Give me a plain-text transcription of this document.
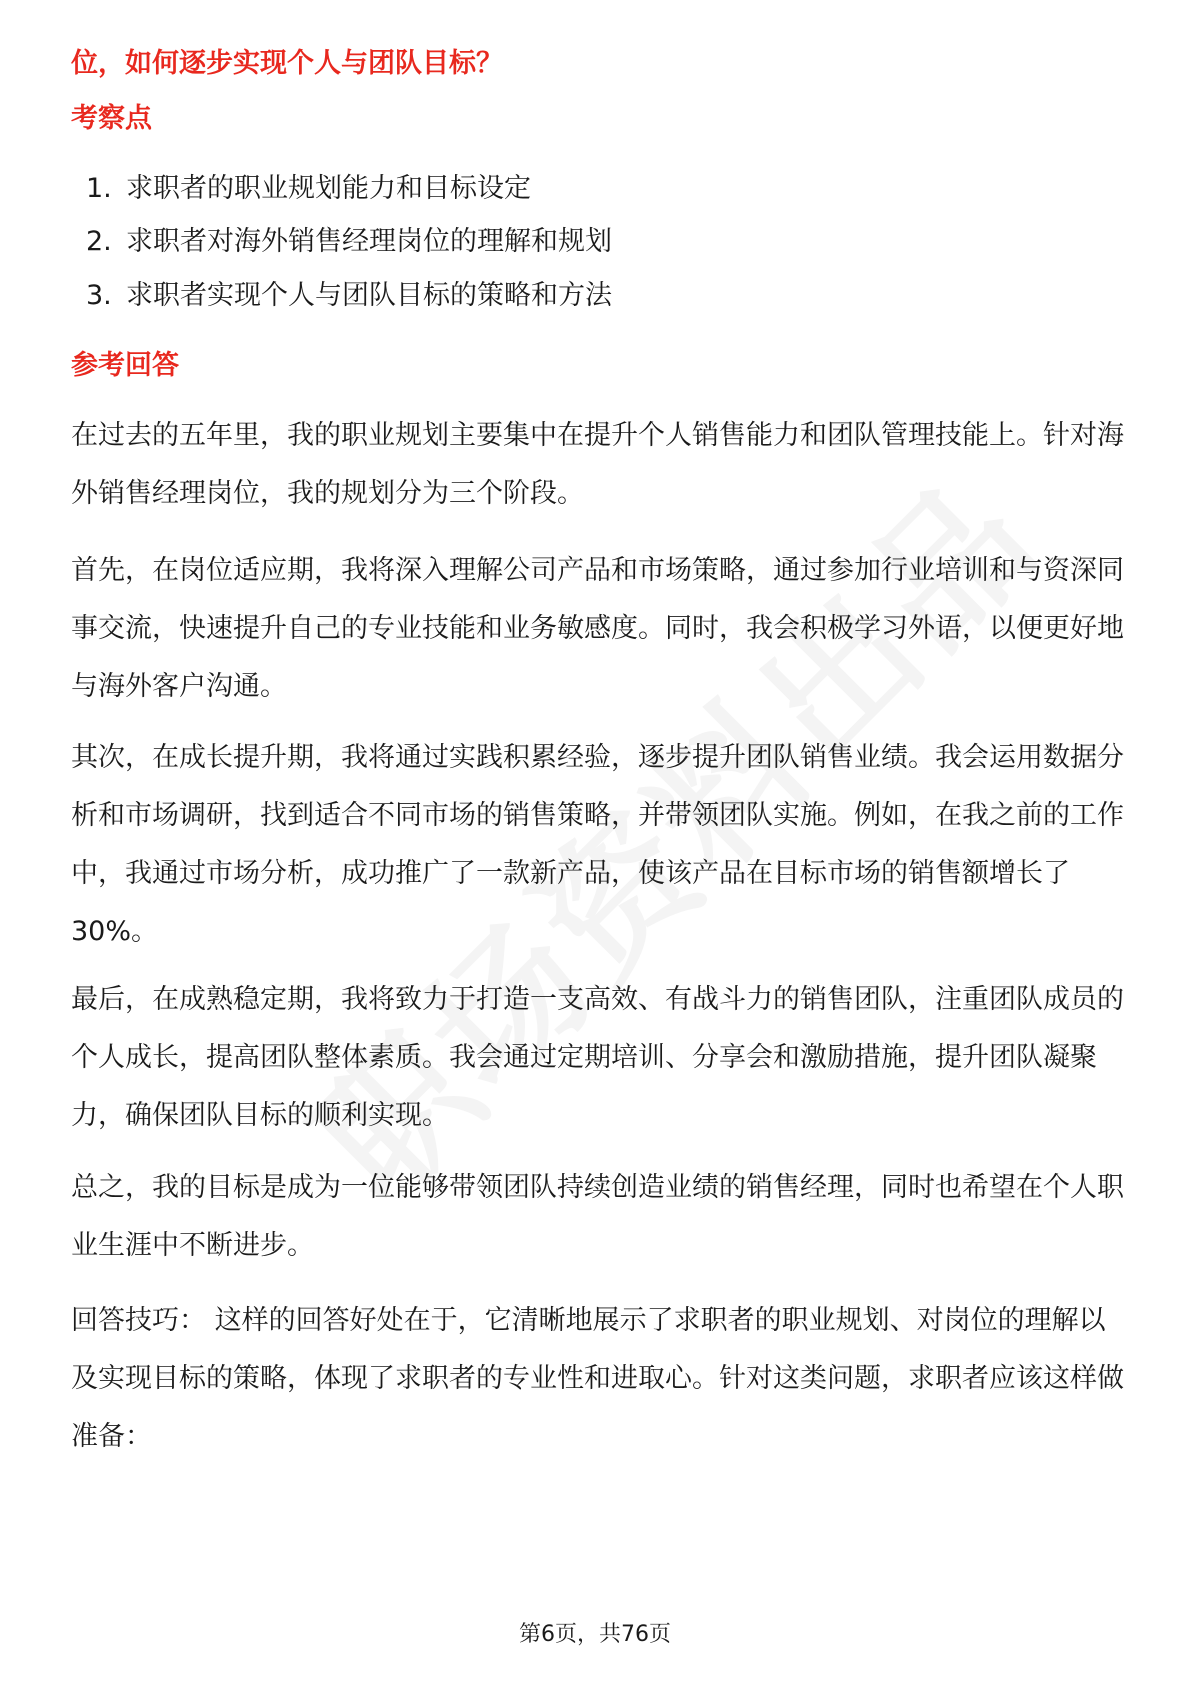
位，如何逐步实现个人与团队目标？
考察点
1. 求职者的职业规划能力和目标设定
2. 求职者对海外销售经理岗位的理解和规划
3. 求职者实现个人与团队目标的策略和方法
参考回答
在过去的五年里，我的职业规划主要集中在提升个人销售能力和团队管理技能上。针对海外销售经理岗位，我的规划分为三个阶段。
首先，在岗位适应期，我将深入理解公司产品和市场策略，通过参加行业培训和与资深同事交流，快速提升自己的专业技能和业务敏感度。同时，我会积极学习外语，以便更好地与海外客户沟通。
其次，在成长提升期，我将通过实践积累经验，逐步提升团队销售业绩。我会运用数据分析和市场调研，找到适合不同市场的销售策略，并带领团队实施。例如，在我之前的工作中，我通过市场分析，成功推广了一款新产品，使该产品在目标市场的销售额增长了30%。
最后，在成熟稳定期，我将致力于打造一支高效、有战斗力的销售团队，注重团队成员的个人成长，提高团队整体素质。我会通过定期培训、分享会和激励措施，提升团队凝聚力，确保团队目标的顺利实现。
总之，我的目标是成为一位能够带领团队持续创造业绩的销售经理，同时也希望在个人职业生涯中不断进步。
回答技巧： 这样的回答好处在于，它清晰地展示了求职者的职业规划、对岗位的理解以及实现目标的策略，体现了求职者的专业性和进取心。针对这类问题，求职者应该这样做准备：
第6页，共76页
